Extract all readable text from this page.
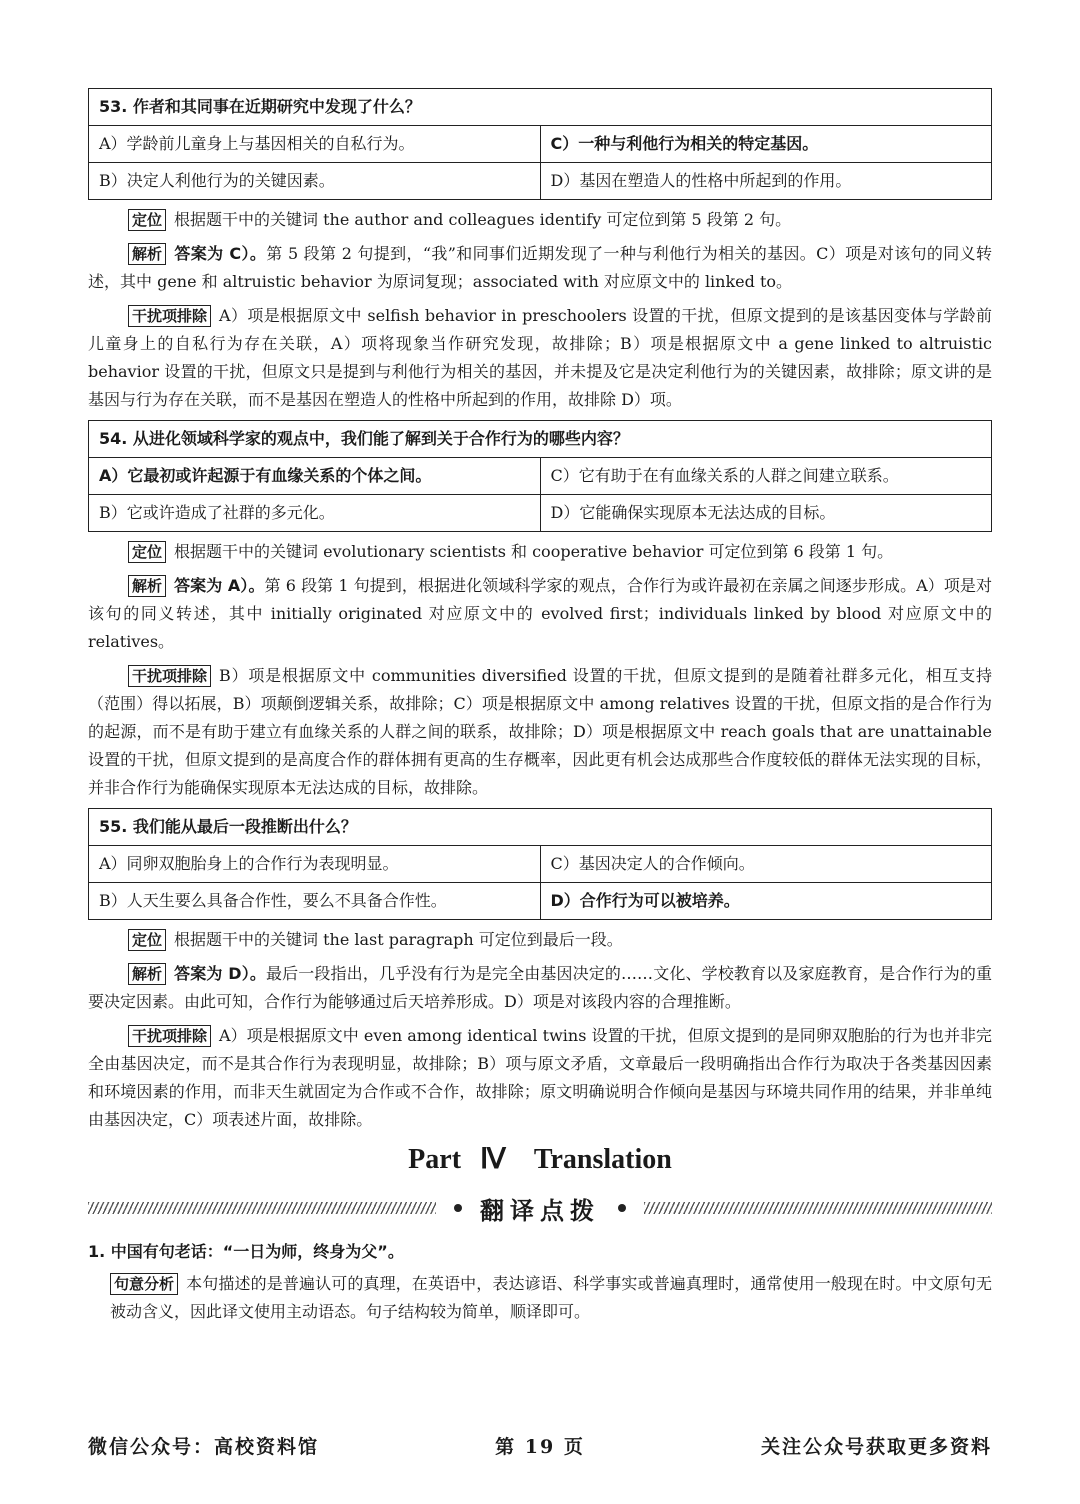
53. 作者和其同事在近期研究中发现了什么？	
A）学龄前儿童身上与基因相关的自私行为。	C）一种与利他行为相关的特定基因。
B）决定人利他行为的关键因素。	D）基因在塑造人的性格中所起到的作用。

定位 根据题干中的关键词 the author and colleagues identify 可定位到第 5 段第 2 句。

解析 答案为 C）。第 5 段第 2 句提到，“我”和同事们近期发现了一种与利他行为相关的基因。C）项是对该句的同义转述，其中 gene 和 altruistic behavior 为原词复现；associated with 对应原文中的 linked to。

干扰项排除 A）项是根据原文中 selfish behavior in preschoolers 设置的干扰，但原文提到的是该基因变体与学龄前儿童身上的自私行为存在关联，A）项将现象当作研究发现，故排除；B）项是根据原文中 a gene linked to altruistic behavior 设置的干扰，但原文只是提到与利他行为相关的基因，并未提及它是决定利他行为的关键因素，故排除；原文讲的是基因与行为存在关联，而不是基因在塑造人的性格中所起到的作用，故排除 D）项。

54. 从进化领域科学家的观点中，我们能了解到关于合作行为的哪些内容？	
A）它最初或许起源于有血缘关系的个体之间。	C）它有助于在有血缘关系的人群之间建立联系。
B）它或许造成了社群的多元化。	D）它能确保实现原本无法达成的目标。

定位 根据题干中的关键词 evolutionary scientists 和 cooperative behavior 可定位到第 6 段第 1 句。

解析 答案为 A）。第 6 段第 1 句提到，根据进化领域科学家的观点，合作行为或许最初在亲属之间逐步形成。A）项是对该句的同义转述，其中 initially originated 对应原文中的 evolved first；individuals linked by blood 对应原文中的 relatives。

干扰项排除 B）项是根据原文中 communities diversified 设置的干扰，但原文提到的是随着社群多元化，相互支持（范围）得以拓展，B）项颠倒逻辑关系，故排除；C）项是根据原文中 among relatives 设置的干扰，但原文指的是合作行为的起源，而不是有助于建立有血缘关系的人群之间的联系，故排除；D）项是根据原文中 reach goals that are unattainable 设置的干扰，但原文提到的是高度合作的群体拥有更高的生存概率，因此更有机会达成那些合作度较低的群体无法实现的目标，并非合作行为能确保实现原本无法达成的目标，故排除。

55. 我们能从最后一段推断出什么？	
A）同卵双胞胎身上的合作行为表现明显。	C）基因决定人的合作倾向。
B）人天生要么具备合作性，要么不具备合作性。	D）合作行为可以被培养。

定位 根据题干中的关键词 the last paragraph 可定位到最后一段。

解析 答案为 D）。最后一段指出，几乎没有行为是完全由基因决定的……文化、学校教育以及家庭教育，是合作行为的重要决定因素。由此可知，合作行为能够通过后天培养形成。D）项是对该段内容的合理推断。

干扰项排除 A）项是根据原文中 even among identical twins 设置的干扰，但原文提到的是同卵双胞胎的行为也并非完全由基因决定，而不是其合作行为表现明显，故排除；B）项与原文矛盾，文章最后一段明确指出合作行为取决于各类基因因素和环境因素的作用，而非天生就固定为合作或不合作，故排除；原文明确说明合作倾向是基因与环境共同作用的结果，并非单纯由基因决定，C）项表述片面，故排除。

Part Ⅳ　Translation
翻译点拨
1. 中国有句老话：“一日为师，终身为父”。

句意分析 本句描述的是普遍认可的真理，在英语中，表达谚语、科学事实或普遍真理时，通常使用一般现在时。中文原句无被动含义，因此译文使用主动语态。句子结构较为简单，顺译即可。

微信公众号：高校资料馆	第 19 页	关注公众号获取更多资料
